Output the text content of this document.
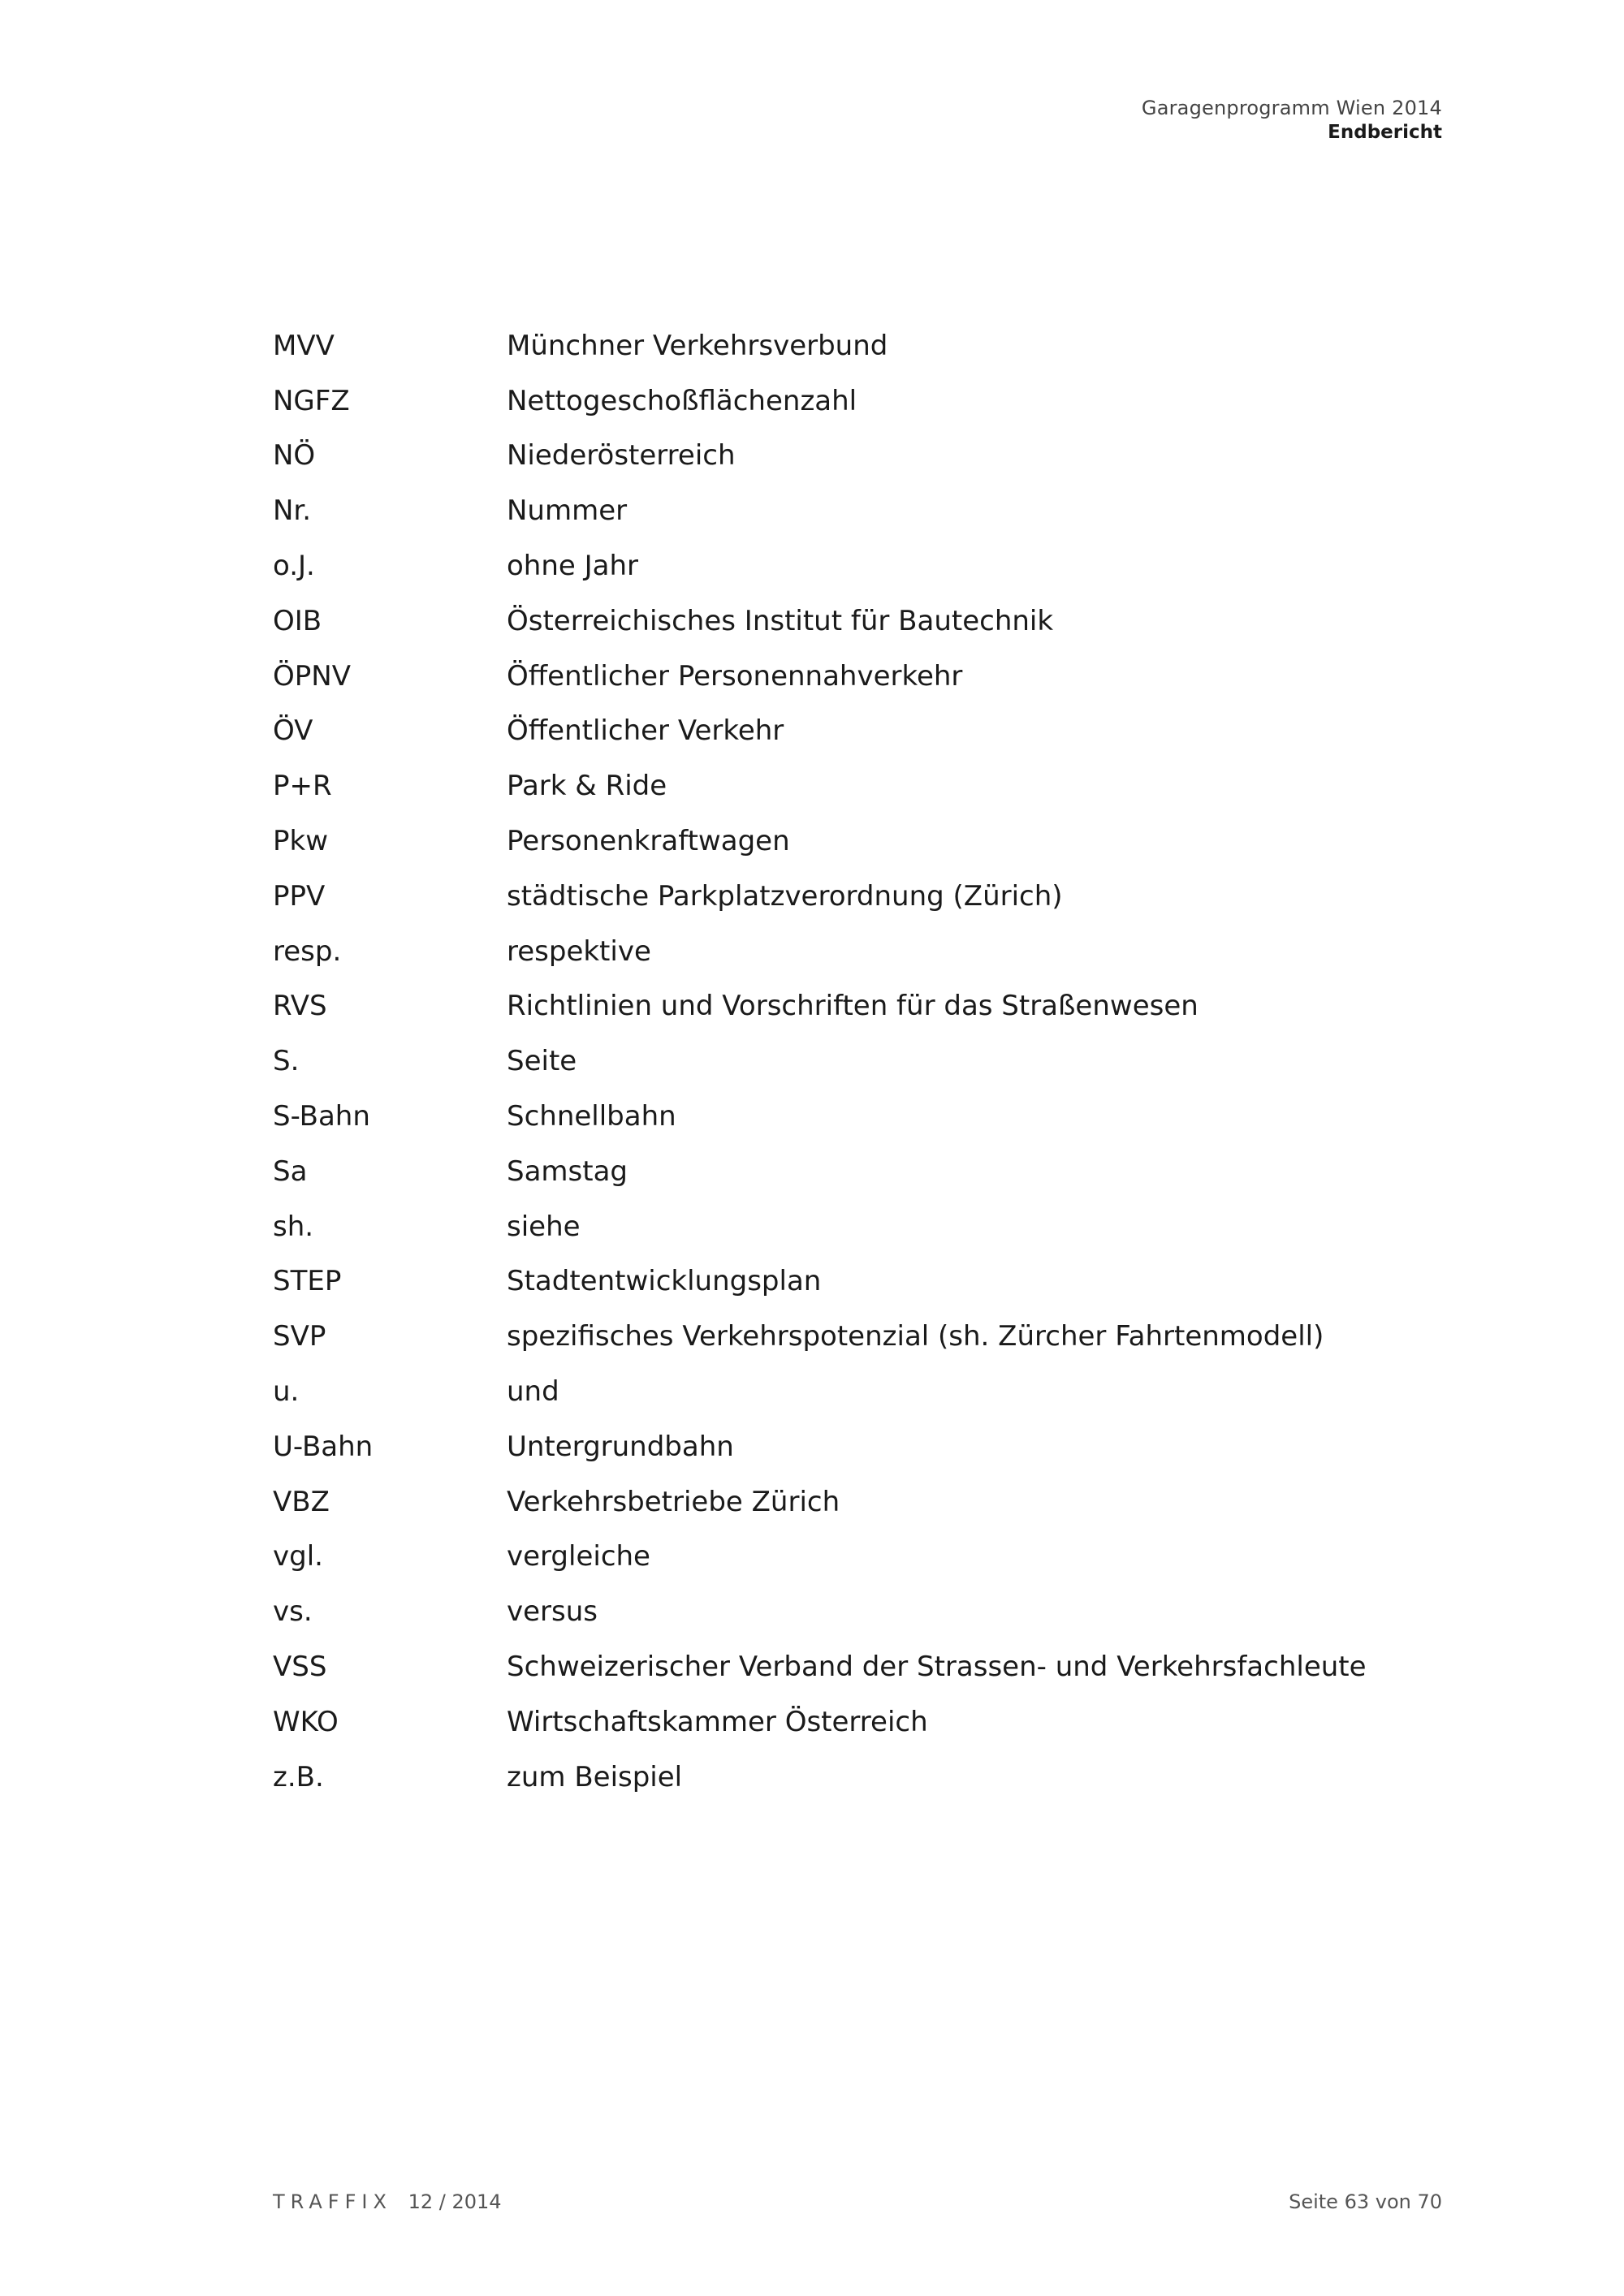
Garagenprogramm Wien 2014
Endbericht
MVV	Münchner Verkehrsverbund
NGFZ	Nettogeschoßflächenzahl
NÖ	Niederösterreich
Nr.	Nummer
o.J.	ohne Jahr
OIB	Österreichisches Institut für Bautechnik
ÖPNV	Öffentlicher Personennahverkehr
ÖV	Öffentlicher Verkehr
P+R	Park & Ride
Pkw	Personenkraftwagen
PPV	städtische Parkplatzverordnung (Zürich)
resp.	respektive
RVS	Richtlinien und Vorschriften für das Straßenwesen
S.	Seite
S-Bahn	Schnellbahn
Sa	Samstag
sh.	siehe
STEP	Stadtentwicklungsplan
SVP	spezifisches Verkehrspotenzial (sh. Zürcher Fahrtenmodell)
u.	und
U-Bahn	Untergrundbahn
VBZ	Verkehrsbetriebe Zürich
vgl.	vergleiche
vs.	versus
VSS	Schweizerischer Verband der Strassen- und Verkehrsfachleute
WKO	Wirtschaftskammer Österreich
z.B.	zum Beispiel
TRAFFIX 12 / 2014	Seite 63 von 70
